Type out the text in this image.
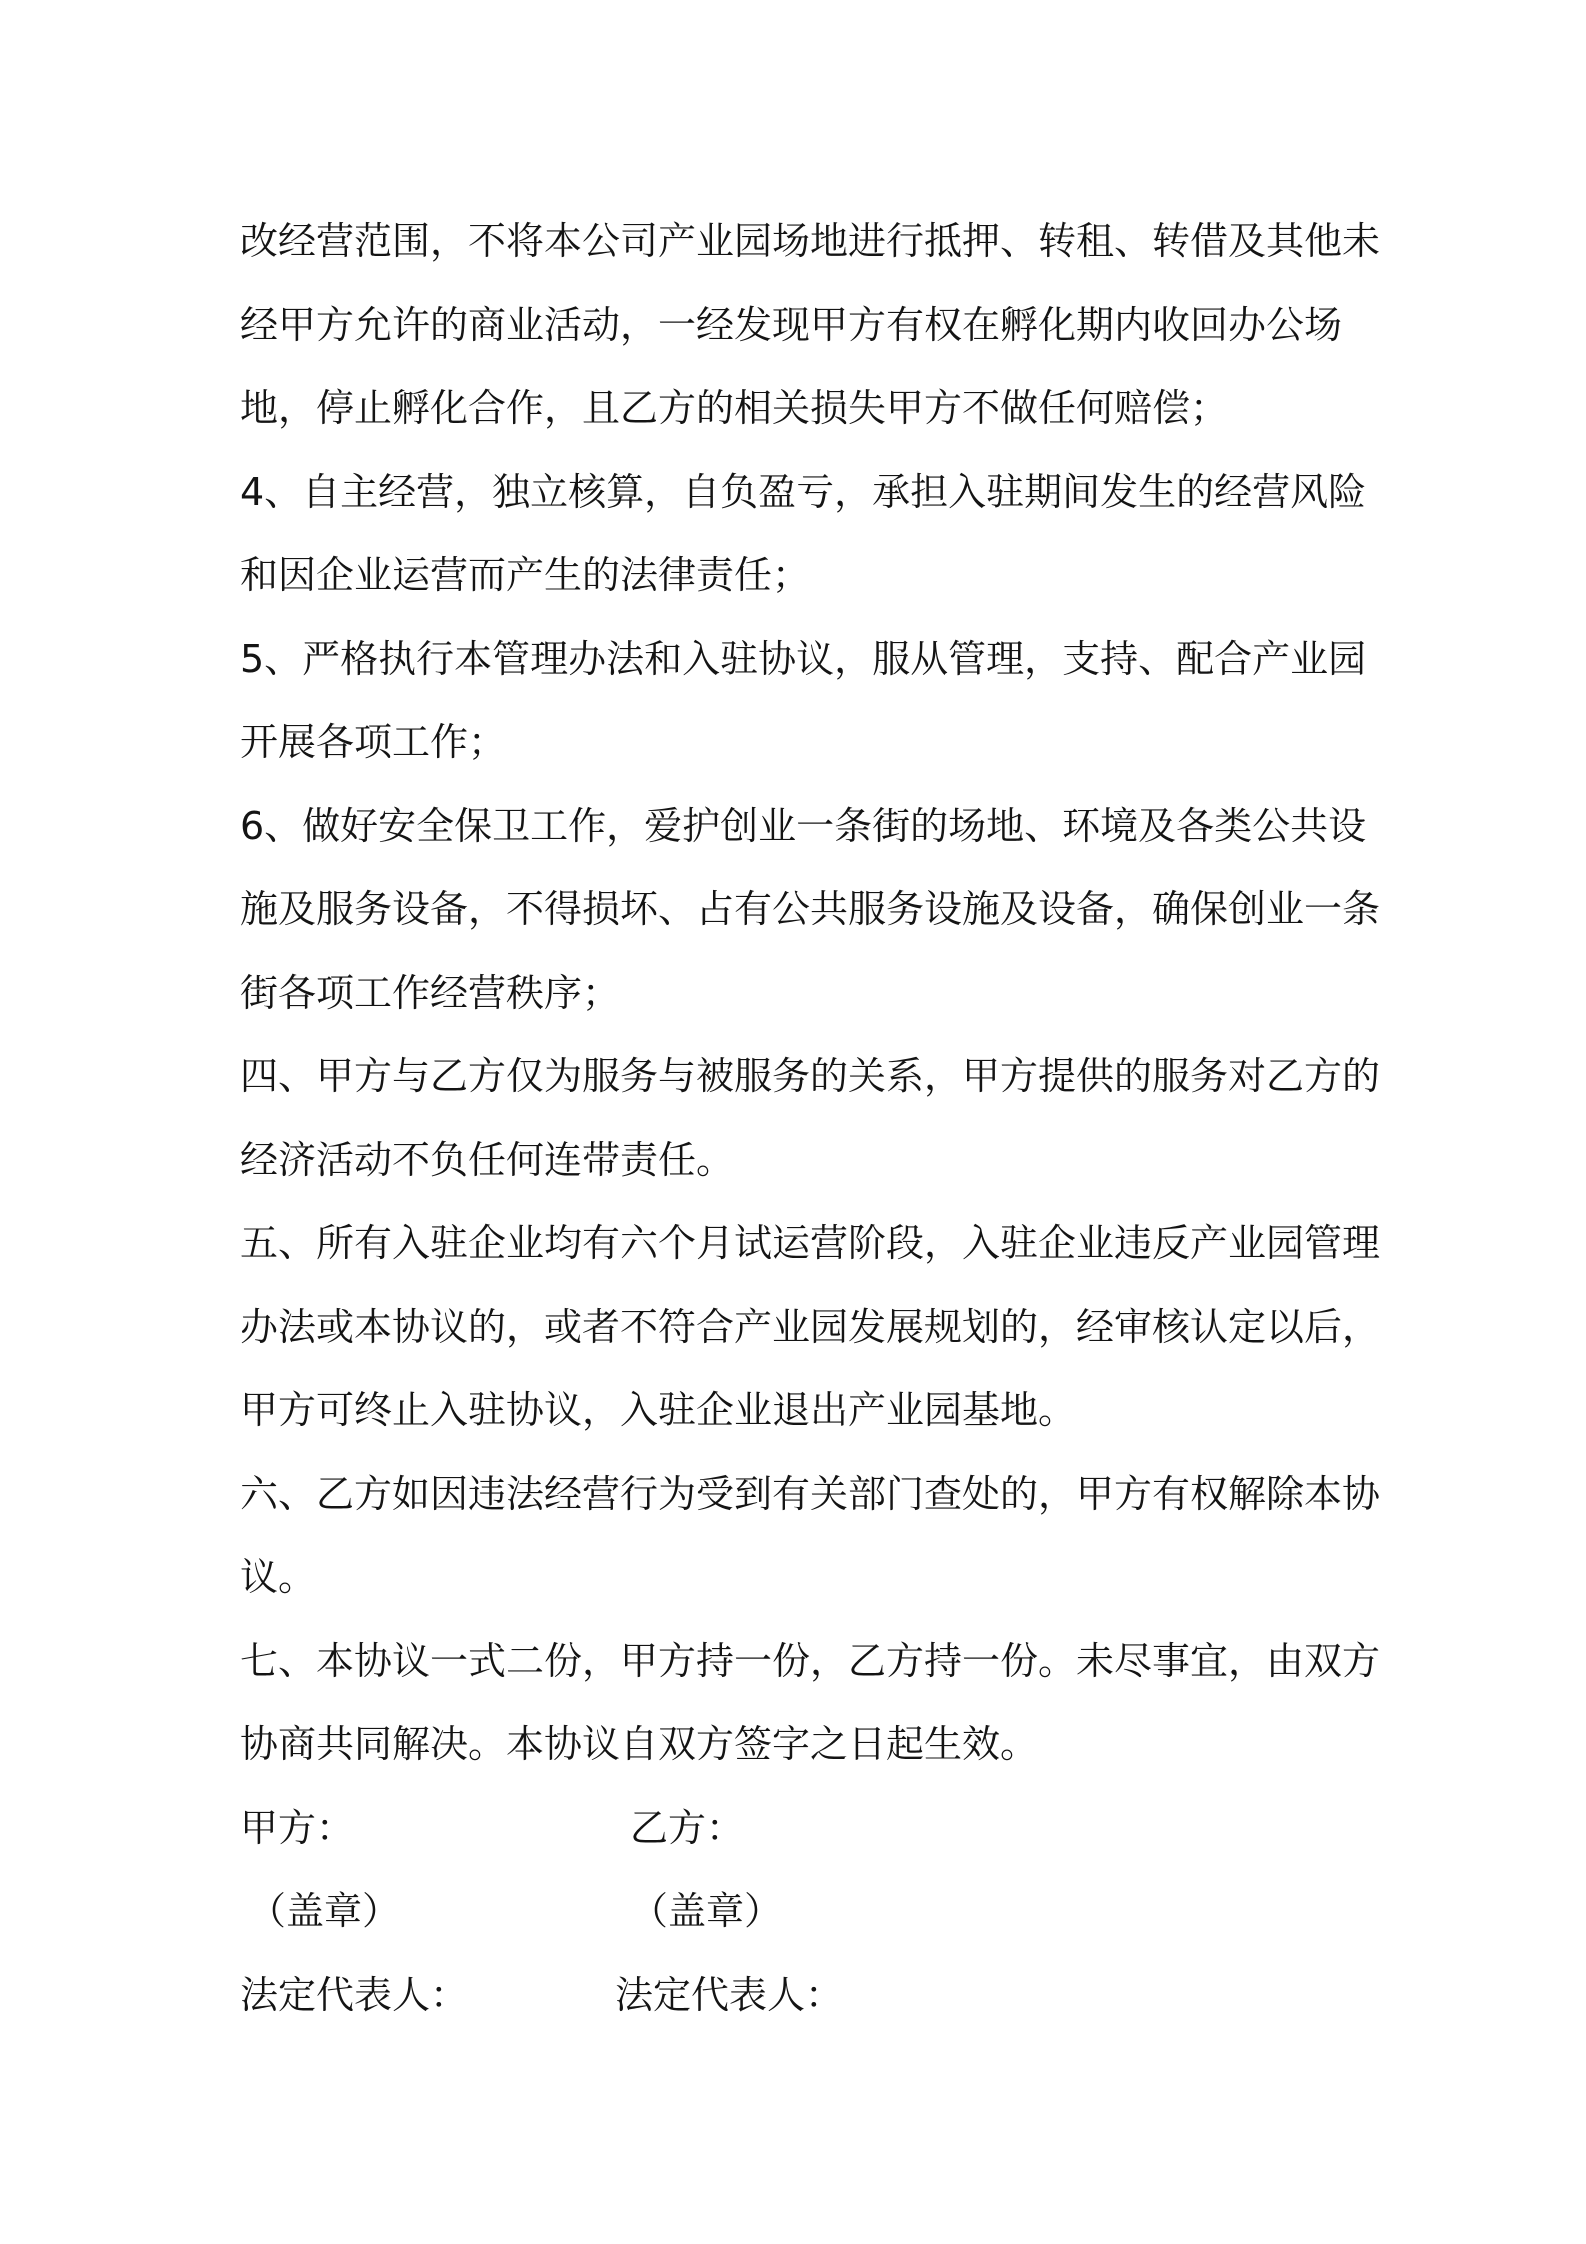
改经营范围，不将本公司产业园场地进行抵押、转租、转借及其他未
经甲方允许的商业活动，一经发现甲方有权在孵化期内收回办公场
地，停止孵化合作，且乙方的相关损失甲方不做任何赔偿；
4、自主经营，独立核算，自负盈亏，承担入驻期间发生的经营风险
和因企业运营而产生的法律责任；
5、严格执行本管理办法和入驻协议，服从管理，支持、配合产业园
开展各项工作；
6、做好安全保卫工作，爱护创业一条街的场地、环境及各类公共设
施及服务设备，不得损坏、占有公共服务设施及设备，确保创业一条
街各项工作经营秩序；
四、甲方与乙方仅为服务与被服务的关系，甲方提供的服务对乙方的
经济活动不负任何连带责任。
五、所有入驻企业均有六个月试运营阶段，入驻企业违反产业园管理
办法或本协议的，或者不符合产业园发展规划的，经审核认定以后，
甲方可终止入驻协议，入驻企业退出产业园基地。
六、乙方如因违法经营行为受到有关部门查处的，甲方有权解除本协
议。
七、本协议一式二份，甲方持一份，乙方持一份。未尽事宜，由双方
协商共同解决。本协议自双方签字之日起生效。
甲方：	乙方：
（盖章）	（盖章）
法定代表人：	法定代表人：
